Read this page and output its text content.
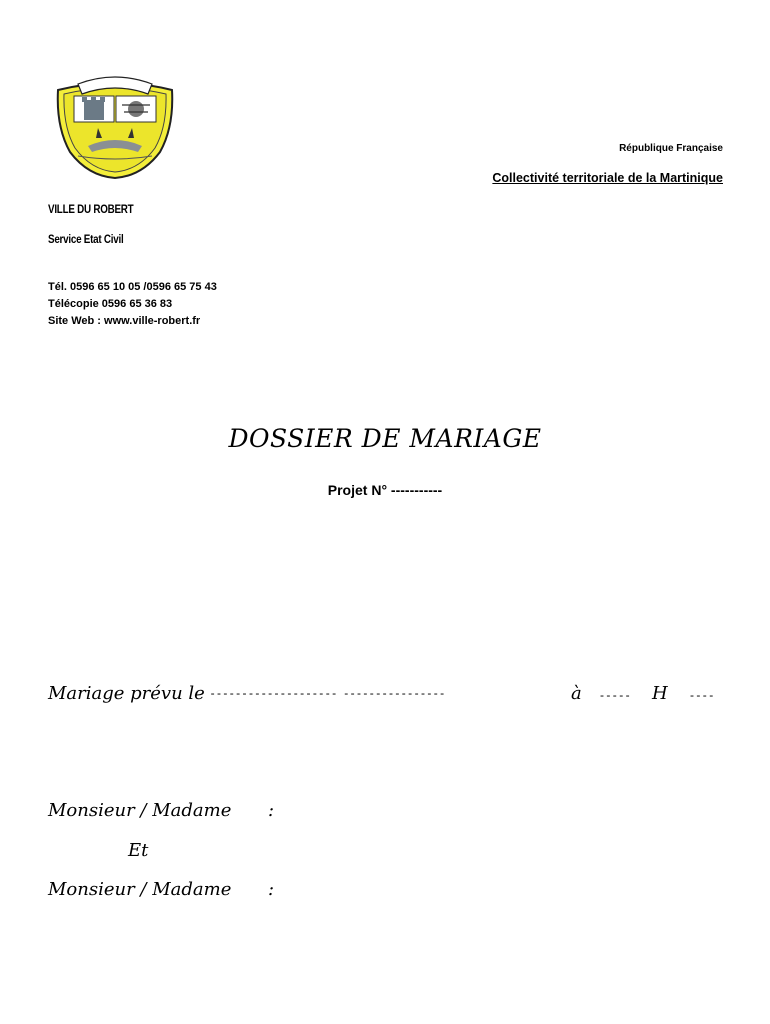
République Française
Collectivité territoriale de la Martinique
VILLE DU ROBERT
Service Etat Civil
Tél. 0596 65 10 05 /0596 65 75 43
Télécopie 0596 65 36 83
Site Web : www.ville-robert.fr
DOSSIER DE MARIAGE
Projet N° -----------
Mariage prévu le -------------------- ----------------	à ----- H ----
Monsieur / Madame :
Et
Monsieur / Madame :
